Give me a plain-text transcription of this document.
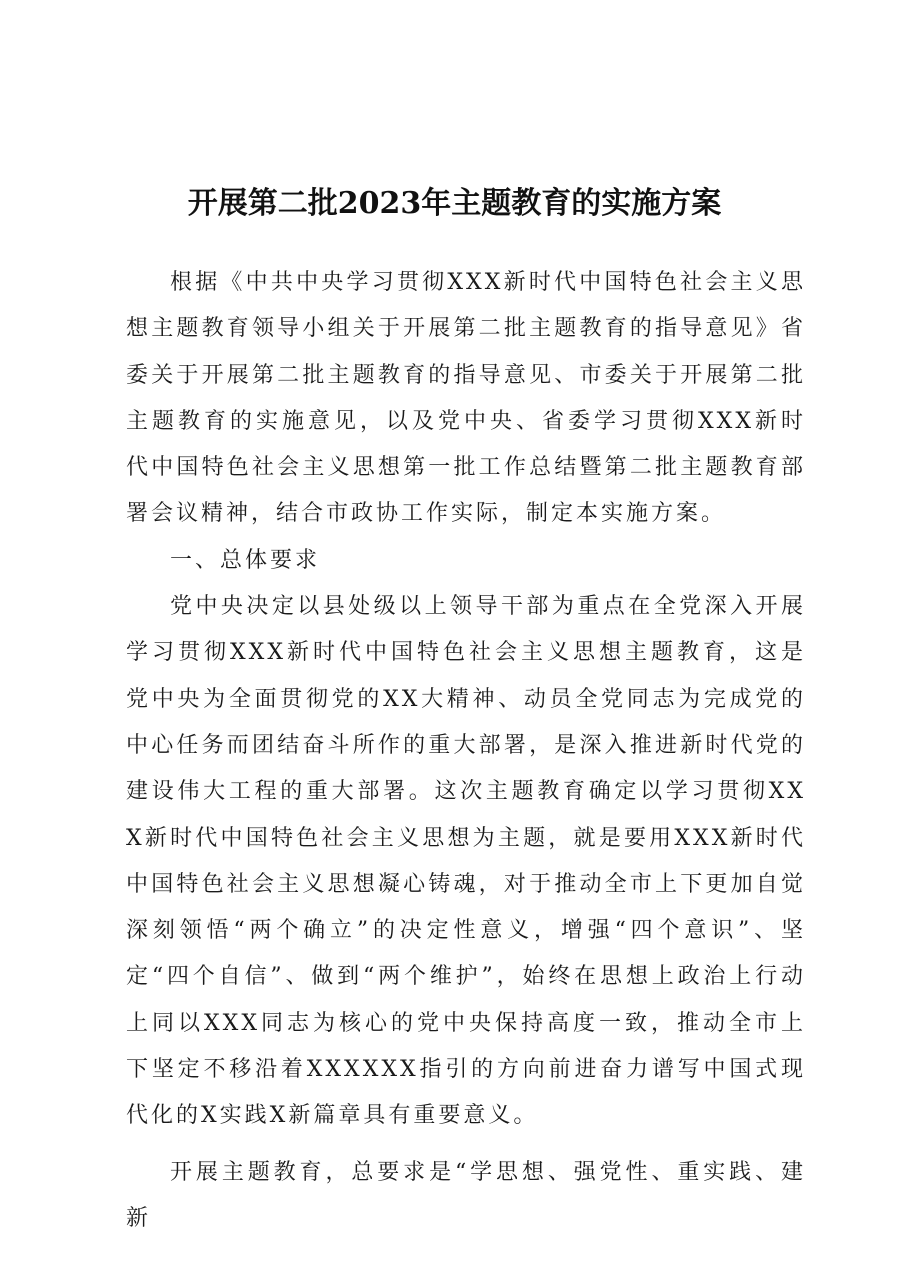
开展第二批2023年主题教育的实施方案

根据《中共中央学习贯彻XXX新时代中国特色社会主义思想主题教育领导小组关于开展第二批主题教育的指导意见》省委关于开展第二批主题教育的指导意见、市委关于开展第二批主题教育的实施意见，以及党中央、省委学习贯彻XXX新时代中国特色社会主义思想第一批工作总结暨第二批主题教育部署会议精神，结合市政协工作实际，制定本实施方案。

一、总体要求

党中央决定以县处级以上领导干部为重点在全党深入开展学习贯彻XXX新时代中国特色社会主义思想主题教育，这是党中央为全面贯彻党的XX大精神、动员全党同志为完成党的中心任务而团结奋斗所作的重大部署，是深入推进新时代党的建设伟大工程的重大部署。这次主题教育确定以学习贯彻XXX新时代中国特色社会主义思想为主题，就是要用XXX新时代中国特色社会主义思想凝心铸魂，对于推动全市上下更加自觉深刻领悟“两个确立”的决定性意义，增强“四个意识”、坚定“四个自信”、做到“两个维护”，始终在思想上政治上行动上同以XXX同志为核心的党中央保持高度一致，推动全市上下坚定不移沿着XXXXXX指引的方向前进奋力谱写中国式现代化的X实践X新篇章具有重要意义。

开展主题教育，总要求是“学思想、强党性、重实践、建新
